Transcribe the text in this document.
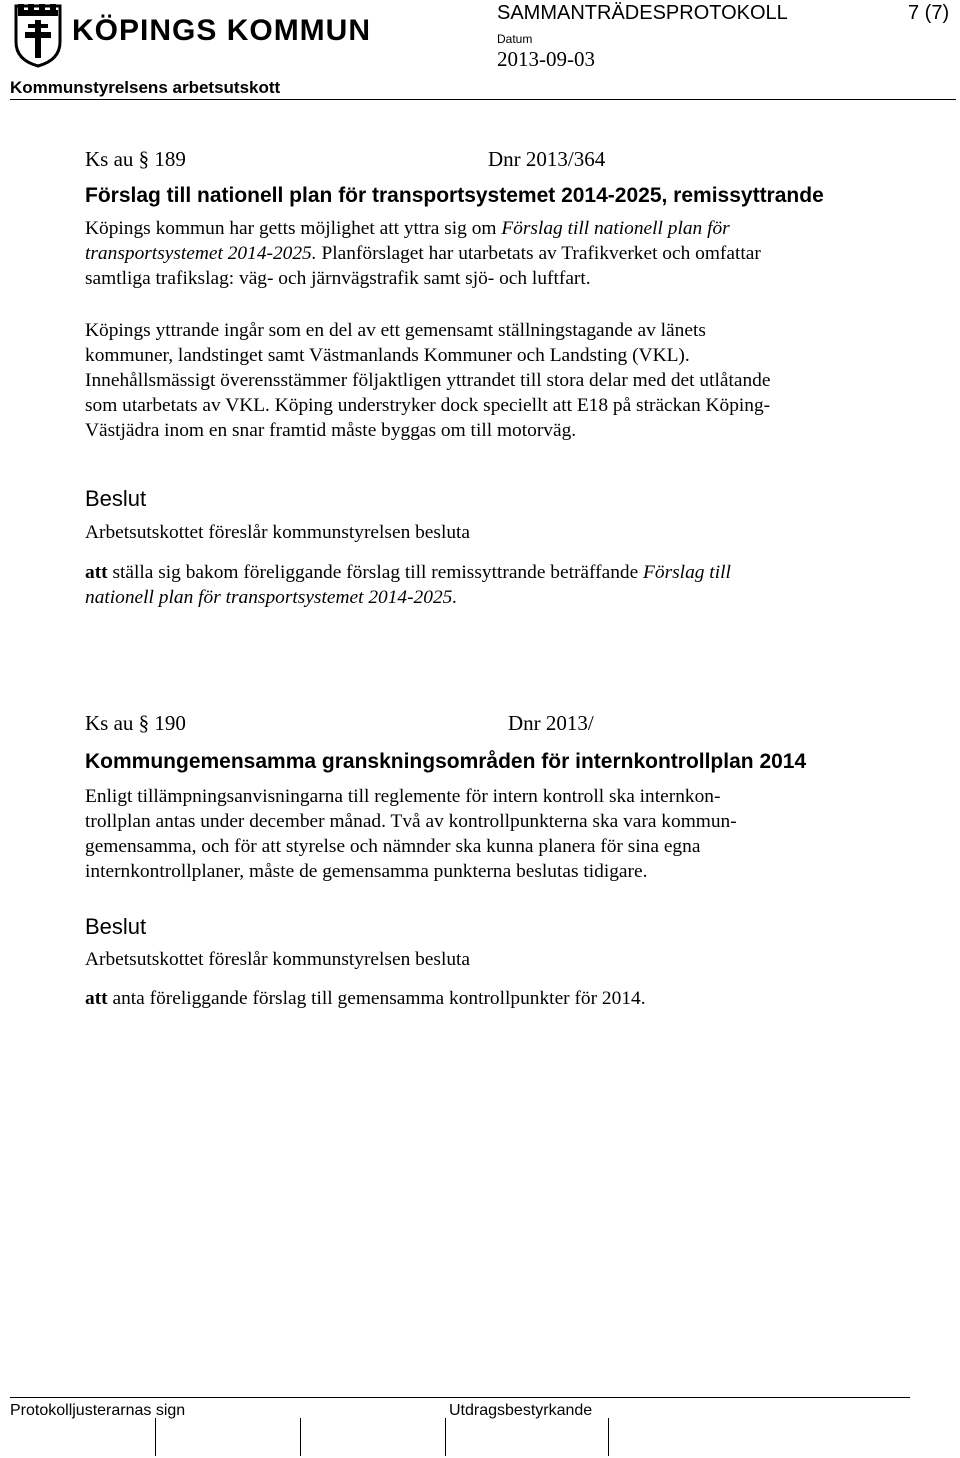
KÖPINGS KOMMUN
SAMMANTRÄDESPROTOKOLL	7 (7)
Datum
2013-09-03
Kommunstyrelsens arbetsutskott
Ks au § 189	Dnr 2013/364
Förslag till nationell plan för transportsystemet 2014-2025, remissyttrande
Köpings kommun har getts möjlighet att yttra sig om Förslag till nationell plan för
transportsystemet 2014-2025. Planförslaget har utarbetats av Trafikverket och omfattar
samtliga trafikslag: väg- och järnvägstrafik samt sjö- och luftfart.
Köpings yttrande ingår som en del av ett gemensamt ställningstagande av länets
kommuner, landstinget samt Västmanlands Kommuner och Landsting (VKL).
Innehållsmässigt överensstämmer följaktligen yttrandet till stora delar med det utlåtande
som utarbetats av VKL. Köping understryker dock speciellt att E18 på sträckan Köping-
Västjädra inom en snar framtid måste byggas om till motorväg.
Beslut
Arbetsutskottet föreslår kommunstyrelsen besluta
att ställa sig bakom föreliggande förslag till remissyttrande beträffande Förslag till
nationell plan för transportsystemet 2014-2025.
Ks au § 190	Dnr 2013/
Kommungemensamma granskningsområden för internkontrollplan 2014
Enligt tillämpningsanvisningarna till reglemente för intern kontroll ska internkon-
trollplan antas under december månad. Två av kontrollpunkterna ska vara kommun-
gemensamma, och för att styrelse och nämnder ska kunna planera för sina egna
internkontrollplaner, måste de gemensamma punkterna beslutas tidigare.
Beslut
Arbetsutskottet föreslår kommunstyrelsen besluta
att anta föreliggande förslag till gemensamma kontrollpunkter för 2014.
Protokolljusterarnas sign	Utdragsbestyrkande
